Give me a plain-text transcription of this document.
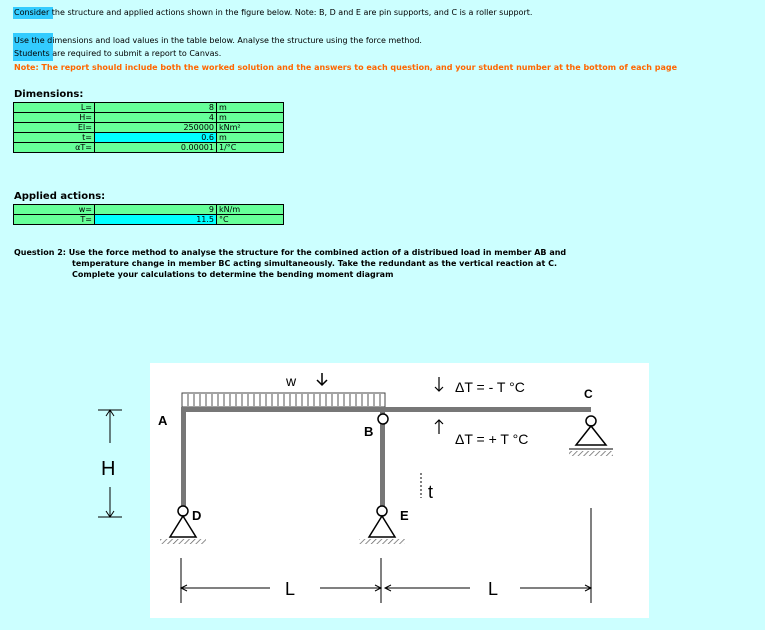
Consider the structure and applied actions shown in the figure below. Note: B, D and E are pin supports, and C is a roller support.
Use the dimensions and load values in the table below. Analyse the structure using the force method.
Students are required to submit a report to Canvas.
Note: The report should include both the worked solution and the answers to each question, and your student number at the bottom of each page
Dimensions:
L=	8	m
H=	4	m
EI=	250000	kNm²
t=	0.6	m
αT=	0.00001	1/°C
Applied actions:
w=	9	kN/m
T=	11.5	°C
Question 2: Use the force method to analyse the structure for the combined action of a distribued load in member AB and
temperature change in member BC acting simultaneously. Take the redundant as the vertical reaction at C.
Complete your calculations to determine the bending moment diagram
w
A
B
C
D	E
ΔT = - T °C
ΔT = + T °C
t
L	L
H
